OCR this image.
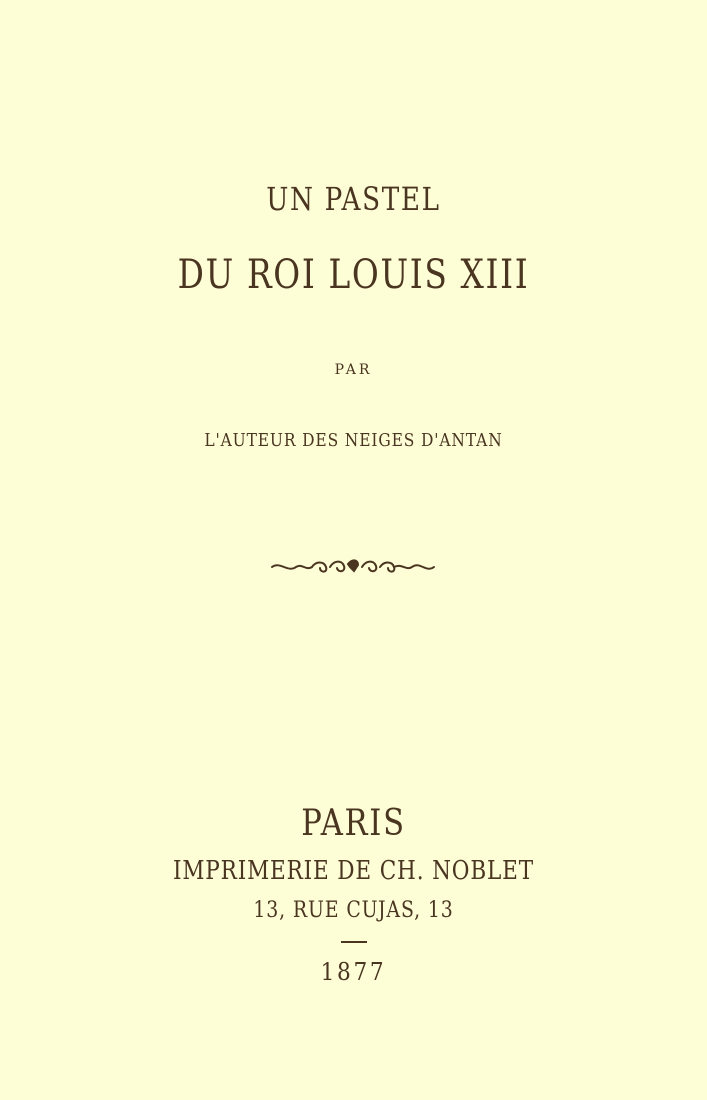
UN PASTEL
DU ROI LOUIS XIII
PAR
L'AUTEUR DES NEIGES D'ANTAN
PARIS
IMPRIMERIE DE CH. NOBLET
13, RUE CUJAS, 13
1877
